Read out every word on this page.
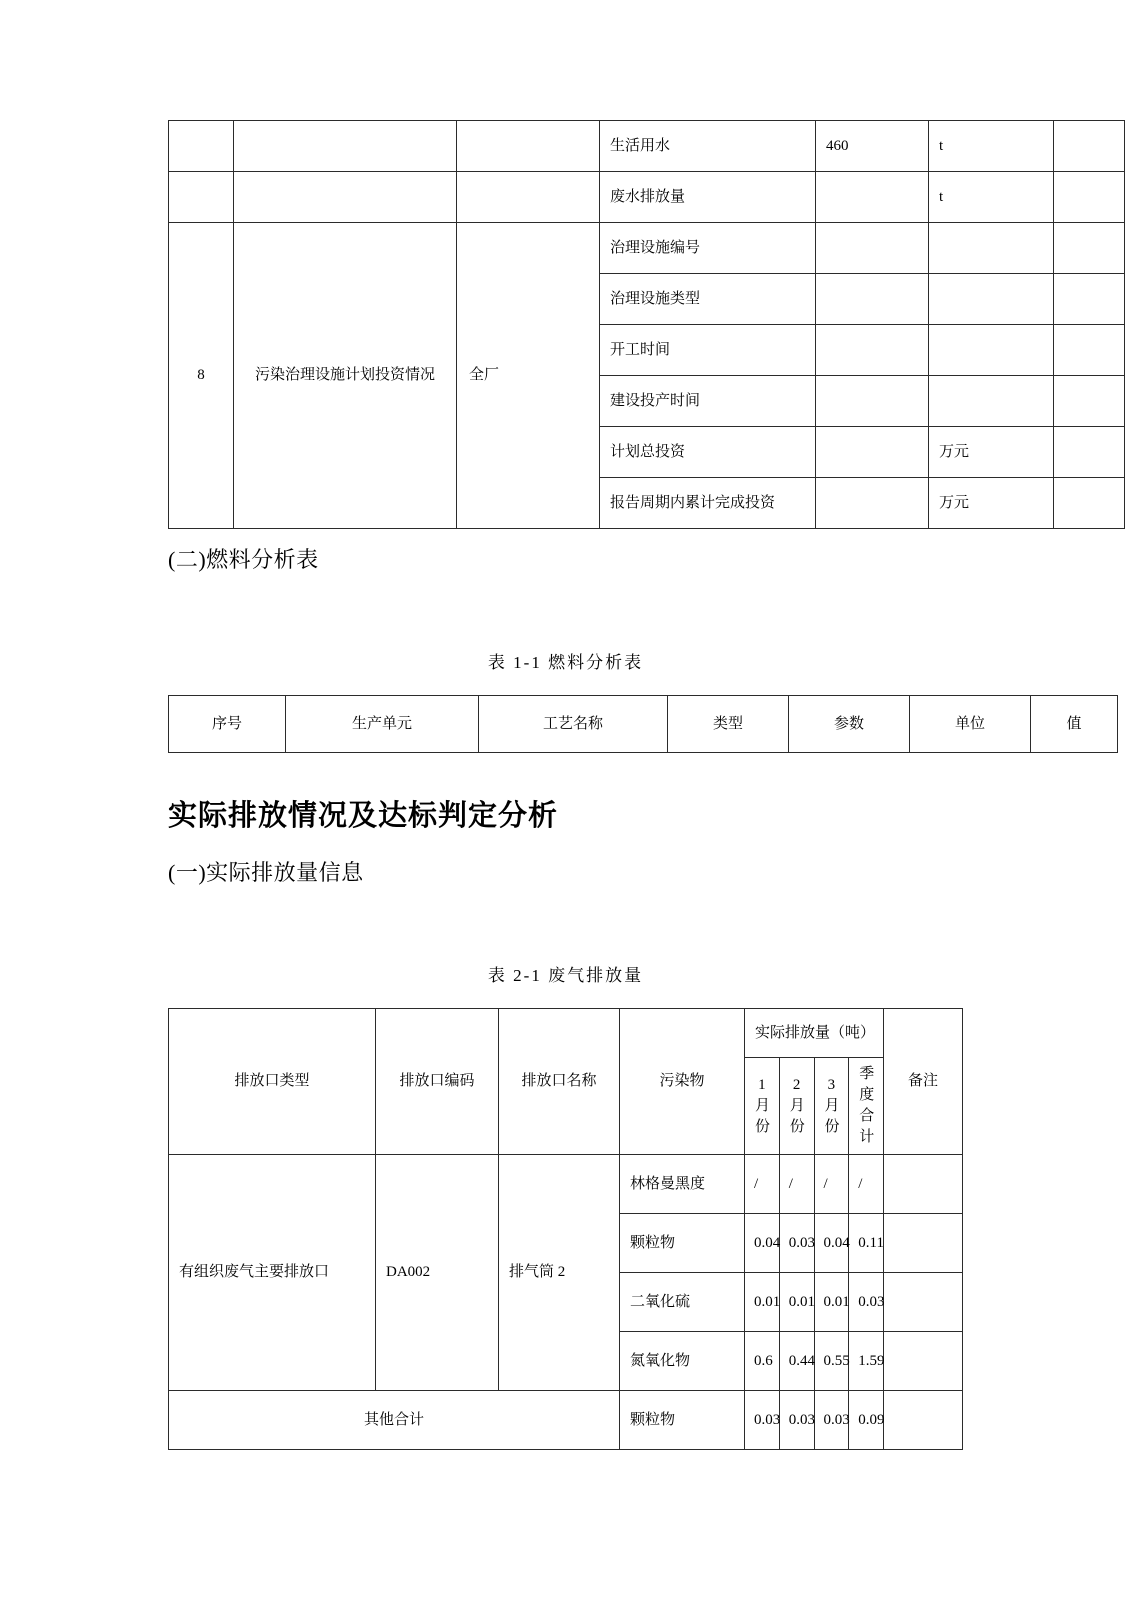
			生活用水	460	t	
			废水排放量		t	
8	污染治理设施计划投资情况	全厂	治理设施编号			
			治理设施类型			
			开工时间			
			建设投产时间			
			计划总投资		万元	
			报告周期内累计完成投资		万元	

(二)燃料分析表

表 1-1 燃料分析表

序号	生产单元	工艺名称	类型	参数	单位	值
实际排放情况及达标判定分析

(一)实际排放量信息

表 2-1 废气排放量

排放口类型	排放口编码	排放口名称	污染物	实际排放量（吨）				备注
				1 月份	2 月份	3 月份	季度合计	
有组织废气主要排放口	DA002	排气筒 2	林格曼黑度	/	/	/	/	
			颗粒物	0.04	0.03	0.04	0.11	
			二氧化硫	0.01	0.01	0.01	0.03	
			氮氧化物	0.6	0.44	0.55	1.59	
其他合计			颗粒物	0.03	0.03	0.03	0.09	
